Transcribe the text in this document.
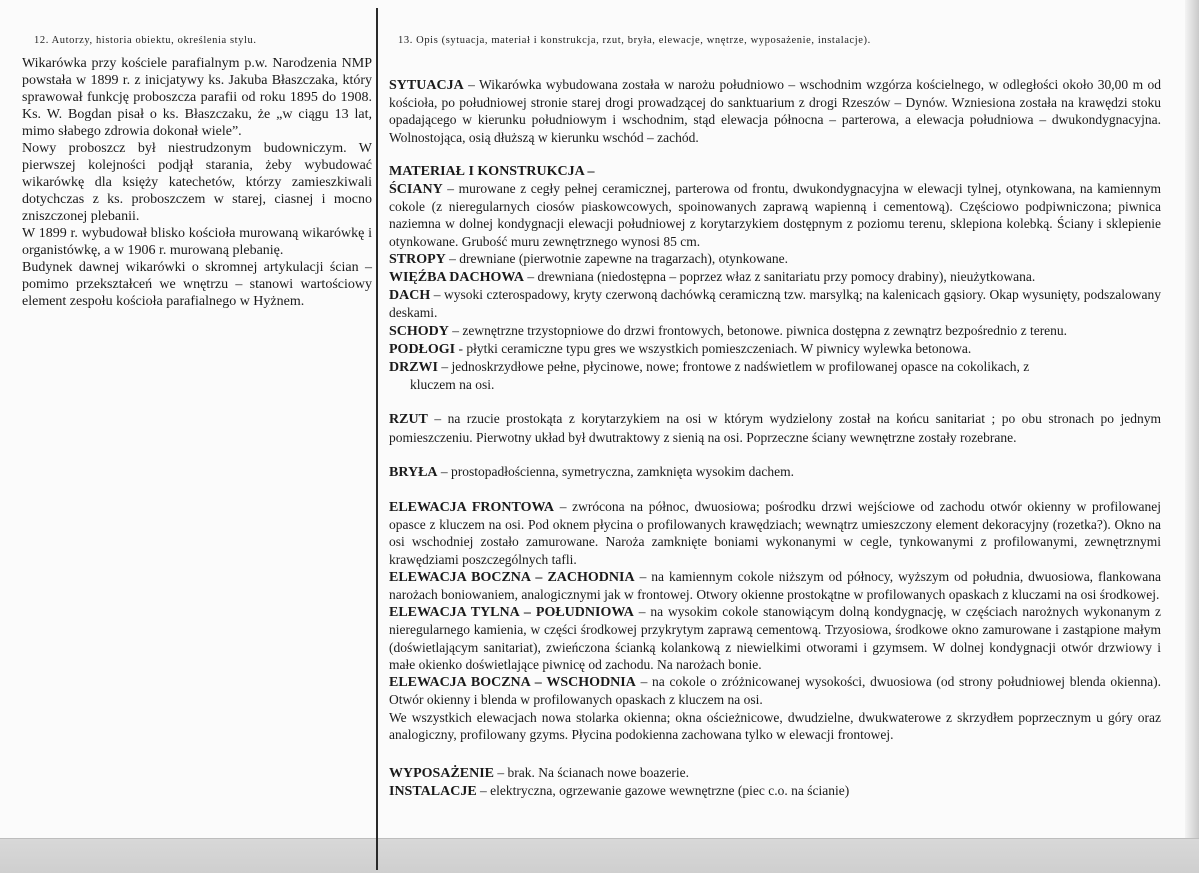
12. Autorzy, historia obiektu, określenia stylu.	13. Opis (sytuacja, materiał i konstrukcja, rzut, bryła, elewacje, wnętrze, wyposażenie, instalacje).

Wikarówka przy kościele parafialnym p.w. Narodzenia NMP powstała w 1899 r. z inicjatywy ks. Jakuba Błaszczaka, który sprawował funkcję proboszcza parafii od roku 1895 do 1908. Ks. W. Bogdan pisał o ks. Błaszczaku, że „w ciągu 13 lat, mimo słabego zdrowia dokonał wiele”.

Nowy proboszcz był niestrudzonym budowniczym. W pierwszej kolejności podjął starania, żeby wybudować wikarówkę dla księży katechetów, którzy zamieszkiwali dotychczas z ks. proboszczem w starej, ciasnej i mocno zniszczonej plebanii.

W 1899 r. wybudował blisko kościoła murowaną wikarówkę i organistówkę, a w 1906 r. murowaną plebanię.

Budynek dawnej wikarówki o skromnej artykulacji ścian – pomimo przekształceń we wnętrzu – stanowi wartościowy element zespołu kościoła parafialnego w Hyżnem.

SYTUACJA – Wikarówka wybudowana została w narożu południowo – wschodnim wzgórza kościelnego, w odległości około 30,00 m od kościoła, po południowej stronie starej drogi prowadzącej do sanktuarium z drogi Rzeszów – Dynów. Wzniesiona została na krawędzi stoku opadającego w kierunku południowym i wschodnim, stąd elewacja północna – parterowa, a elewacja południowa – dwukondygnacyjna. Wolnostojąca, osią dłuższą w kierunku wschód – zachód.

MATERIAŁ I KONSTRUKCJA –

ŚCIANY – murowane z cegły pełnej ceramicznej, parterowa od frontu, dwukondygnacyjna w elewacji tylnej, otynkowana, na kamiennym cokole (z nieregularnych ciosów piaskowcowych, spoinowanych zaprawą wapienną i cementową). Częściowo podpiwniczona; piwnica naziemna w dolnej kondygnacji elewacji południowej z korytarzykiem dostępnym z poziomu terenu, sklepiona kolebką. Ściany i sklepienie otynkowane. Grubość muru zewnętrznego wynosi 85 cm.

STROPY – drewniane (pierwotnie zapewne na tragarzach), otynkowane.

WIĘŹBA DACHOWA – drewniana (niedostępna – poprzez właz z sanitariatu przy pomocy drabiny), nieużytkowana.

DACH – wysoki czterospadowy, kryty czerwoną dachówką ceramiczną tzw. marsylką; na kalenicach gąsiory. Okap wysunięty, podszalowany deskami.

SCHODY – zewnętrzne trzystopniowe do drzwi frontowych, betonowe. piwnica dostępna z zewnątrz bezpośrednio z terenu.

PODŁOGI - płytki ceramiczne typu gres we wszystkich pomieszczeniach. W piwnicy wylewka betonowa.

DRZWI – jednoskrzydłowe pełne, płycinowe, nowe; frontowe z nadświetlem w profilowanej opasce na cokolikach, z

kluczem na osi.

RZUT – na rzucie prostokąta z korytarzykiem na osi w którym wydzielony został na końcu sanitariat ; po obu stronach po jednym pomieszczeniu. Pierwotny układ był dwutraktowy z sienią na osi. Poprzeczne ściany wewnętrzne zostały rozebrane.

BRYŁA – prostopadłościenna, symetryczna, zamknięta wysokim dachem.

ELEWACJA FRONTOWA – zwrócona na północ, dwuosiowa; pośrodku drzwi wejściowe od zachodu otwór okienny w profilowanej opasce z kluczem na osi. Pod oknem płycina o profilowanych krawędziach; wewnątrz umieszczony element dekoracyjny (rozetka?). Okno na osi wschodniej zostało zamurowane. Naroża zamknięte boniami wykonanymi w cegle, tynkowanymi z profilowanymi, zewnętrznymi krawędziami poszczególnych tafli.

ELEWACJA BOCZNA – ZACHODNIA – na kamiennym cokole niższym od północy, wyższym od południa, dwuosiowa, flankowana narożach boniowaniem, analogicznymi jak w frontowej. Otwory okienne prostokątne w profilowanych opaskach z kluczami na osi środkowej.

ELEWACJA TYLNA – POŁUDNIOWA – na wysokim cokole stanowiącym dolną kondygnację, w częściach narożnych wykonanym z nieregularnego kamienia, w części środkowej przykrytym zaprawą cementową. Trzyosiowa, środkowe okno zamurowane i zastąpione małym (doświetlającym sanitariat), zwieńczona ścianką kolankową z niewielkimi otworami i gzymsem. W dolnej kondygnacji otwór drzwiowy i małe okienko doświetlające piwnicę od zachodu. Na narożach bonie.

ELEWACJA BOCZNA – WSCHODNIA – na cokole o zróżnicowanej wysokości, dwuosiowa (od strony południowej blenda okienna). Otwór okienny i blenda w profilowanych opaskach z kluczem na osi.

We wszystkich elewacjach nowa stolarka okienna; okna ościeżnicowe, dwudzielne, dwukwaterowe z skrzydłem poprzecznym u góry oraz analogiczny, profilowany gzyms. Płycina podokienna zachowana tylko w elewacji frontowej.

WYPOSAŻENIE – brak. Na ścianach nowe boazerie.

INSTALACJE – elektryczna, ogrzewanie gazowe wewnętrzne (piec c.o. na ścianie)
